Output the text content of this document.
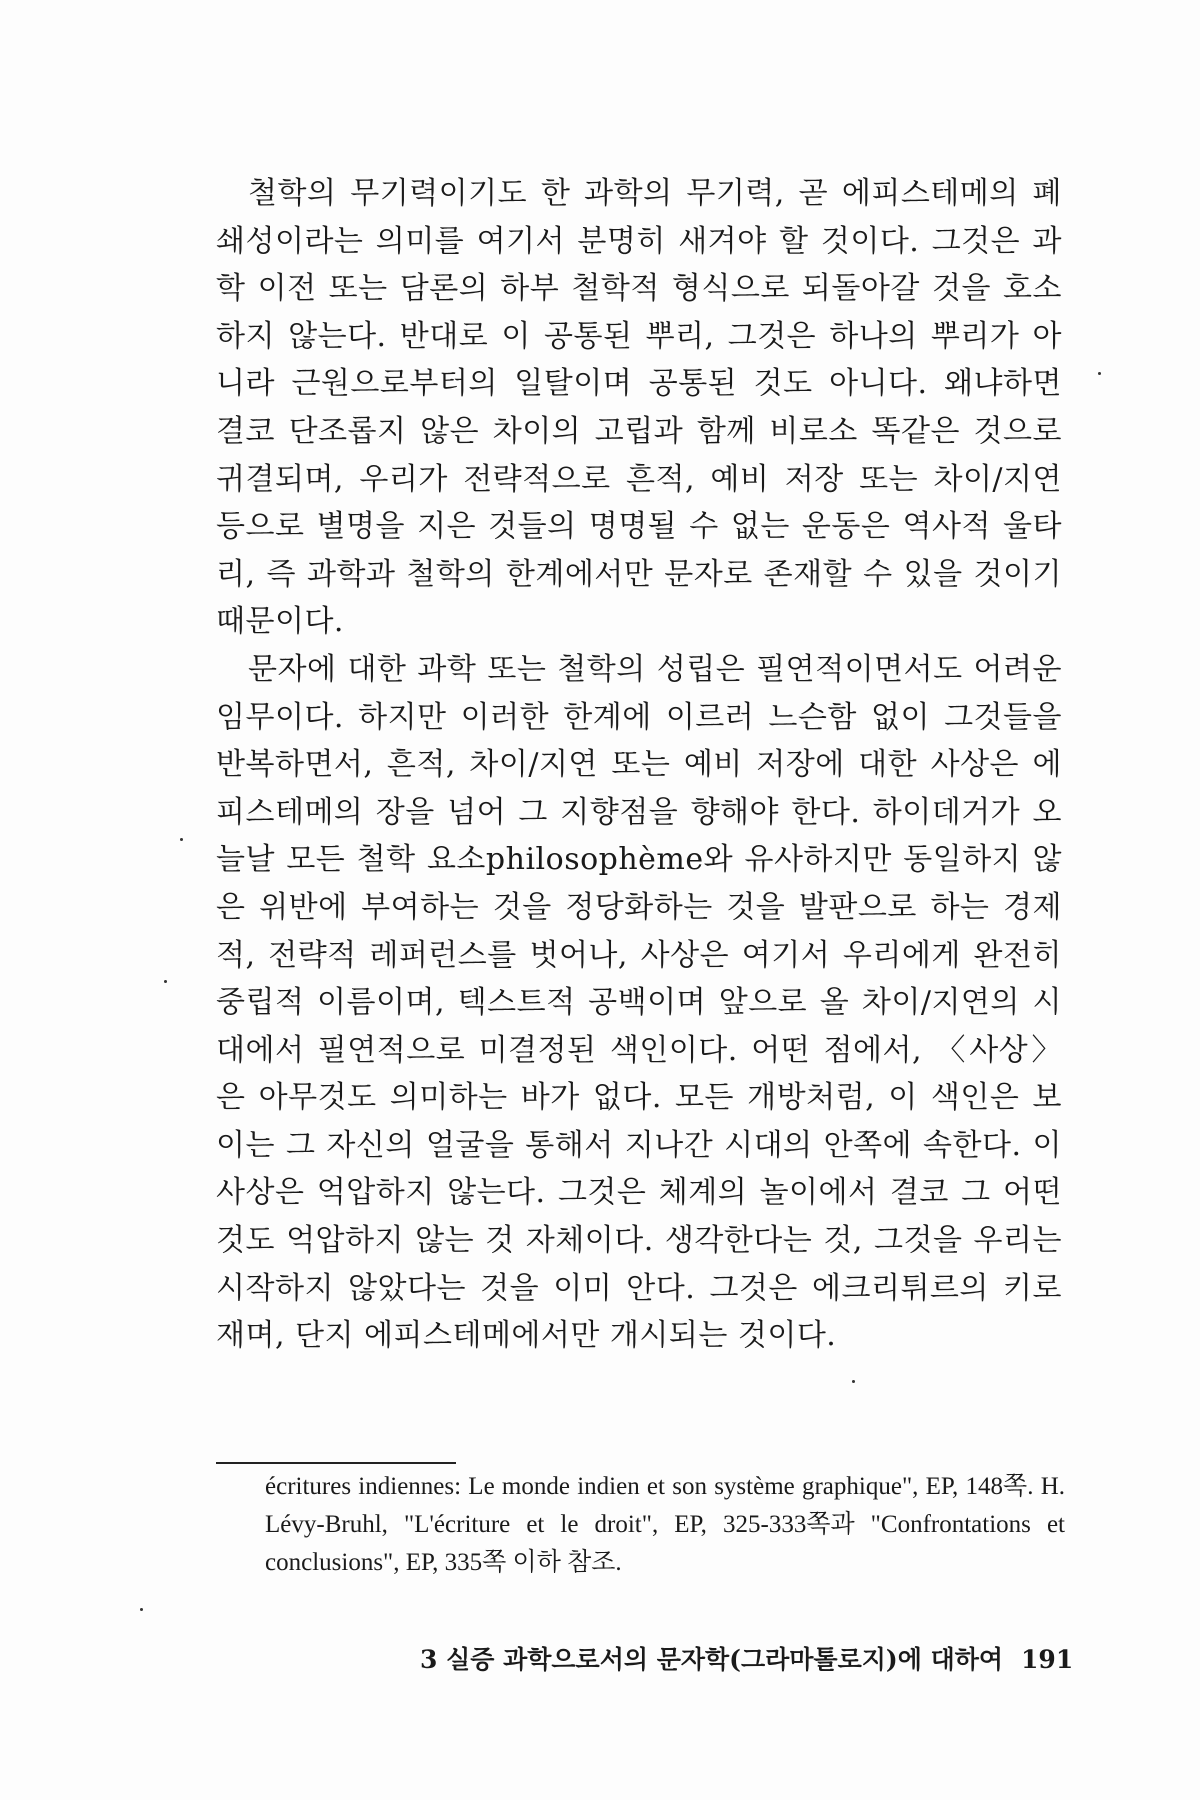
철학의 무기력이기도 한 과학의 무기력, 곧 에피스테메의 폐쇄성이라는 의미를 여기서 분명히 새겨야 할 것이다. 그것은 과학 이전 또는 담론의 하부 철학적 형식으로 되돌아갈 것을 호소하지 않는다. 반대로 이 공통된 뿌리, 그것은 하나의 뿌리가 아니라 근원으로부터의 일탈이며 공통된 것도 아니다. 왜냐하면 결코 단조롭지 않은 차이의 고립과 함께 비로소 똑같은 것으로 귀결되며, 우리가 전략적으로 흔적, 예비 저장 또는 차이/지연 등으로 별명을 지은 것들의 명명될 수 없는 운동은 역사적 울타리, 즉 과학과 철학의 한계에서만 문자로 존재할 수 있을 것이기 때문이다.

문자에 대한 과학 또는 철학의 성립은 필연적이면서도 어려운 임무이다. 하지만 이러한 한계에 이르러 느슨함 없이 그것들을 반복하면서, 흔적, 차이/지연 또는 예비 저장에 대한 사상은 에피스테메의 장을 넘어 그 지향점을 향해야 한다. 하이데거가 오늘날 모든 철학 요소philosophème와 유사하지만 동일하지 않은 위반에 부여하는 것을 정당화하는 것을 발판으로 하는 경제적, 전략적 레퍼런스를 벗어나, 사상은 여기서 우리에게 완전히 중립적 이름이며, 텍스트적 공백이며 앞으로 올 차이/지연의 시대에서 필연적으로 미결정된 색인이다. 어떤 점에서, 〈사상〉은 아무것도 의미하는 바가 없다. 모든 개방처럼, 이 색인은 보이는 그 자신의 얼굴을 통해서 지나간 시대의 안쪽에 속한다. 이 사상은 억압하지 않는다. 그것은 체계의 놀이에서 결코 그 어떤 것도 억압하지 않는 것 자체이다. 생각한다는 것, 그것을 우리는 시작하지 않았다는 것을 이미 안다. 그것은 에크리튀르의 키로 재며, 단지 에피스테메에서만 개시되는 것이다.

écritures indiennes: Le monde indien et son système graphique", EP, 148쪽. H. Lévy-Bruhl, "L'écriture et le droit", EP, 325-333쪽과 "Confrontations et conclusions", EP, 335쪽 이하 참조.

3 실증 과학으로서의 문자학(그라마톨로지)에 대하여 191
